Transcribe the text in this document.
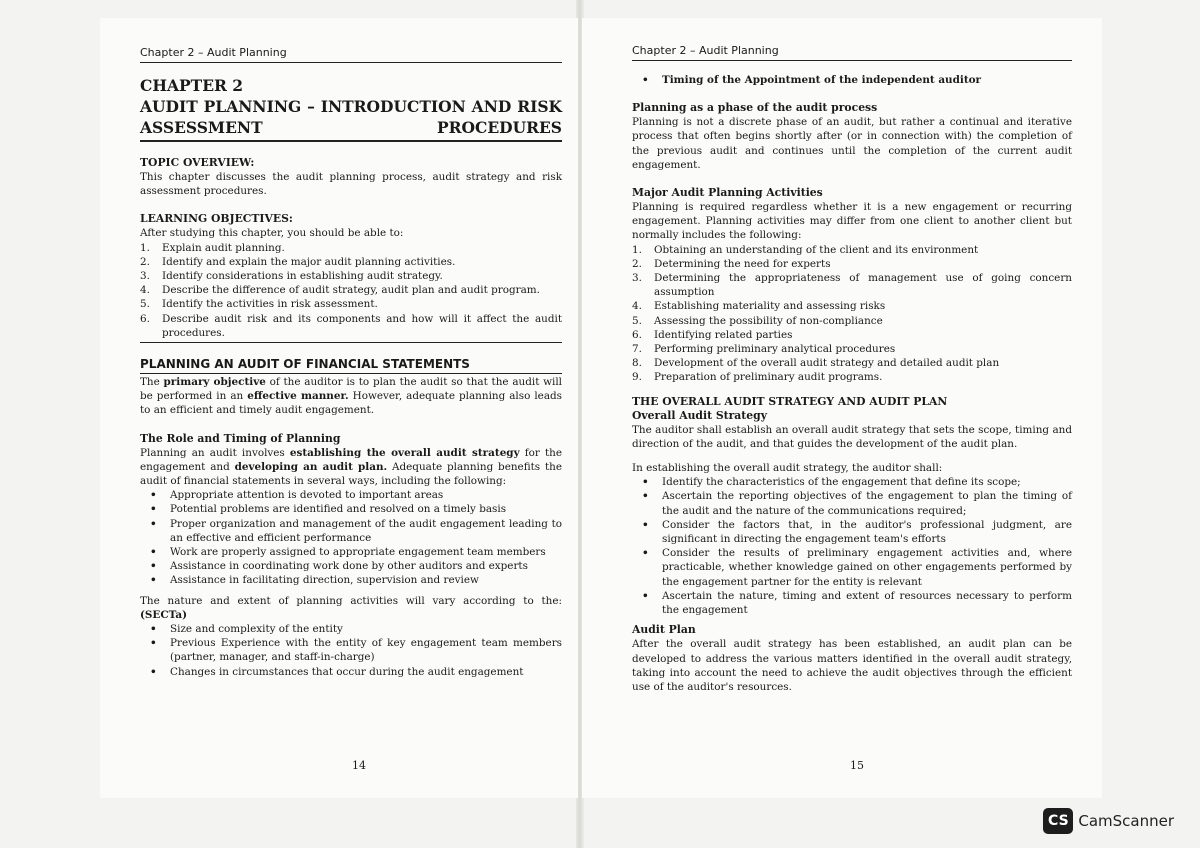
Chapter 2 – Audit Planning
CHAPTER 2
AUDIT PLANNING – INTRODUCTION AND RISK ASSESSMENT PROCEDURES
TOPIC OVERVIEW:

This chapter discusses the audit planning process, audit strategy and risk assessment procedures.

LEARNING OBJECTIVES:

After studying this chapter, you should be able to:

1. Explain audit planning.
2. Identify and explain the major audit planning activities.
3. Identify considerations in establishing audit strategy.
4. Describe the difference of audit strategy, audit plan and audit program.
5. Identify the activities in risk assessment.
6. Describe audit risk and its components and how will it affect the audit procedures.
PLANNING AN AUDIT OF FINANCIAL STATEMENTS

The primary objective of the auditor is to plan the audit so that the audit will be performed in an effective manner. However, adequate planning also leads to an efficient and timely audit engagement.

The Role and Timing of Planning

Planning an audit involves establishing the overall audit strategy for the engagement and developing an audit plan. Adequate planning benefits the audit of financial statements in several ways, including the following:

• Appropriate attention is devoted to important areas
• Potential problems are identified and resolved on a timely basis
• Proper organization and management of the audit engagement leading to an effective and efficient performance
• Work are properly assigned to appropriate engagement team members
• Assistance in coordinating work done by other auditors and experts
• Assistance in facilitating direction, supervision and review

The nature and extent of planning activities will vary according to the: (SECTa)

• Size and complexity of the entity
• Previous Experience with the entity of key engagement team members (partner, manager, and staff-in-charge)
• Changes in circumstances that occur during the audit engagement
14
Chapter 2 – Audit Planning
• Timing of the Appointment of the independent auditor
Planning as a phase of the audit process

Planning is not a discrete phase of an audit, but rather a continual and iterative process that often begins shortly after (or in connection with) the completion of the previous audit and continues until the completion of the current audit engagement.

Major Audit Planning Activities

Planning is required regardless whether it is a new engagement or recurring engagement. Planning activities may differ from one client to another client but normally includes the following:

1. Obtaining an understanding of the client and its environment
2. Determining the need for experts
3. Determining the appropriateness of management use of going concern assumption
4. Establishing materiality and assessing risks
5. Assessing the possibility of non-compliance
6. Identifying related parties
7. Performing preliminary analytical procedures
8. Development of the overall audit strategy and detailed audit plan
9. Preparation of preliminary audit programs.
THE OVERALL AUDIT STRATEGY AND AUDIT PLAN
Overall Audit Strategy

The auditor shall establish an overall audit strategy that sets the scope, timing and direction of the audit, and that guides the development of the audit plan.

In establishing the overall audit strategy, the auditor shall:

• Identify the characteristics of the engagement that define its scope;
• Ascertain the reporting objectives of the engagement to plan the timing of the audit and the nature of the communications required;
• Consider the factors that, in the auditor's professional judgment, are significant in directing the engagement team's efforts
• Consider the results of preliminary engagement activities and, where practicable, whether knowledge gained on other engagements performed by the engagement partner for the entity is relevant
• Ascertain the nature, timing and extent of resources necessary to perform the engagement
Audit Plan

After the overall audit strategy has been established, an audit plan can be developed to address the various matters identified in the overall audit strategy, taking into account the need to achieve the audit objectives through the efficient use of the auditor's resources.

15
CS CamScanner
